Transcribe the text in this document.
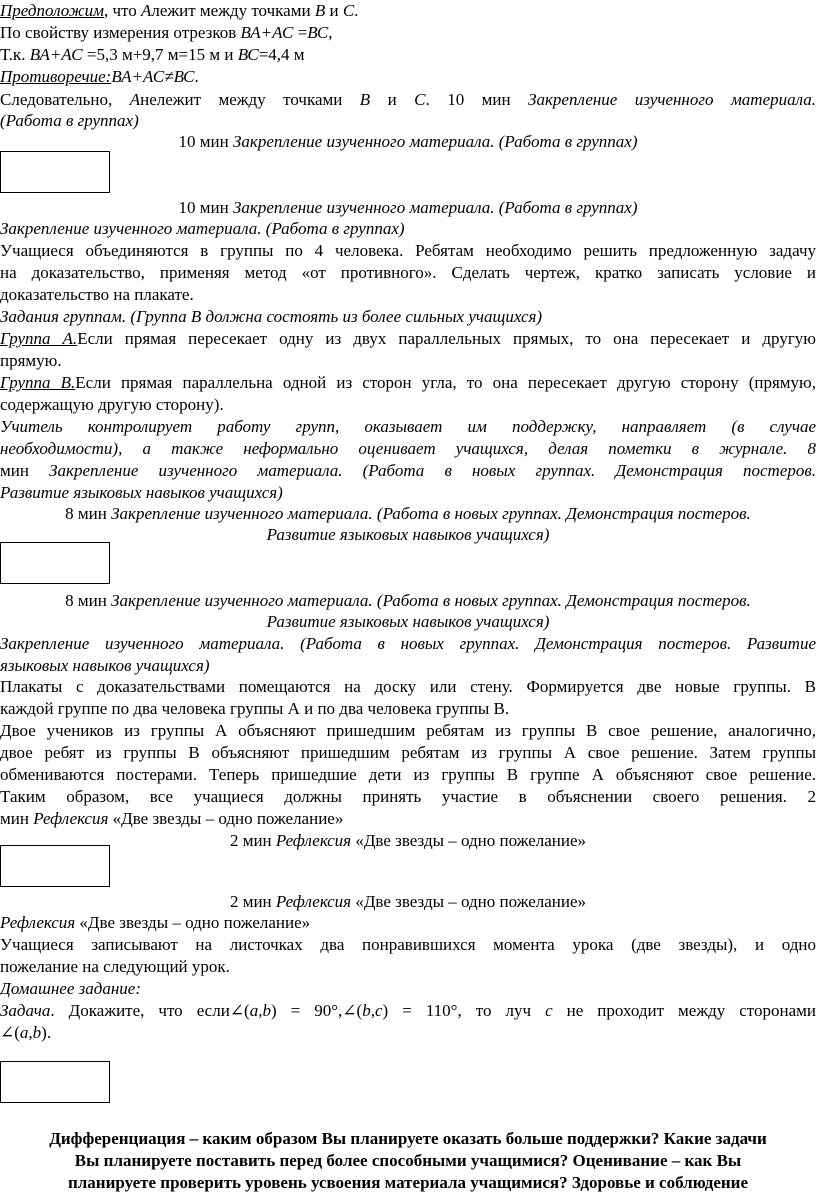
Предположим, что Алежит между точками В и С.
По свойству измерения отрезков ВА+АС =ВС,
Т.к. ВА+АС =5,3 м+9,7 м=15 м и ВС=4,4 м
Противоречие:ВА+АС≠ВС.
Следовательно, Анележит между точками В и С. 10 мин Закрепление изученного материала.
(Работа в группах)
10 мин Закрепление изученного материала. (Работа в группах)
10 мин Закрепление изученного материала. (Работа в группах)
Закрепление изученного материала. (Работа в группах)
Учащиеся объединяются в группы по 4 человека. Ребятам необходимо решить предложенную задачу
на доказательство, применяя метод «от противного». Сделать чертеж, кратко записать условие и
доказательство на плакате.
Задания группам. (Группа В должна состоять из более сильных учащихся)
Группа А.Если прямая пересекает одну из двух параллельных прямых, то она пересекает и другую
прямую.
Группа В.Если прямая параллельна одной из сторон угла, то она пересекает другую сторону (прямую,
содержащую другую сторону).
Учитель контролирует работу групп, оказывает им поддержку, направляет (в случае
необходимости), а также неформально оценивает учащихся, делая пометки в журнале. 8
мин Закрепление изученного материала. (Работа в новых группах. Демонстрация постеров.
Развитие языковых навыков учащихся)
8 мин Закрепление изученного материала. (Работа в новых группах. Демонстрация постеров.
Развитие языковых навыков учащихся)
8 мин Закрепление изученного материала. (Работа в новых группах. Демонстрация постеров.
Развитие языковых навыков учащихся)
Закрепление изученного материала. (Работа в новых группах. Демонстрация постеров. Развитие
языковых навыков учащихся)
Плакаты с доказательствами помещаются на доску или стену. Формируется две новые группы. В
каждой группе по два человека группы А и по два человека группы В.
Двое учеников из группы А объясняют пришедшим ребятам из группы В свое решение, аналогично,
двое ребят из группы В объясняют пришедшим ребятам из группы А свое решение. Затем группы
обмениваются постерами. Теперь пришедшие дети из группы В группе А объясняют свое решение.
Таким образом, все учащиеся должны принять участие в объяснении своего решения. 2
мин Рефлексия «Две звезды – одно пожелание»
2 мин Рефлексия «Две звезды – одно пожелание»
2 мин Рефлексия «Две звезды – одно пожелание»
Рефлексия «Две звезды – одно пожелание»
Учащиеся записывают на листочках два понравившихся момента урока (две звезды), и одно
пожелание на следующий урок.
Домашнее задание:
Задача. Докажите, что если∠(a,b) = 90°,∠(b,c) = 110°, то луч c не проходит между сторонами
∠(a,b).
Дифференциация – каким образом Вы планируете оказать больше поддержки? Какие задачи
Вы планируете поставить перед более способными учащимися? Оценивание – как Вы
планируете проверить уровень усвоения материала учащимися? Здоровье и соблюдение
